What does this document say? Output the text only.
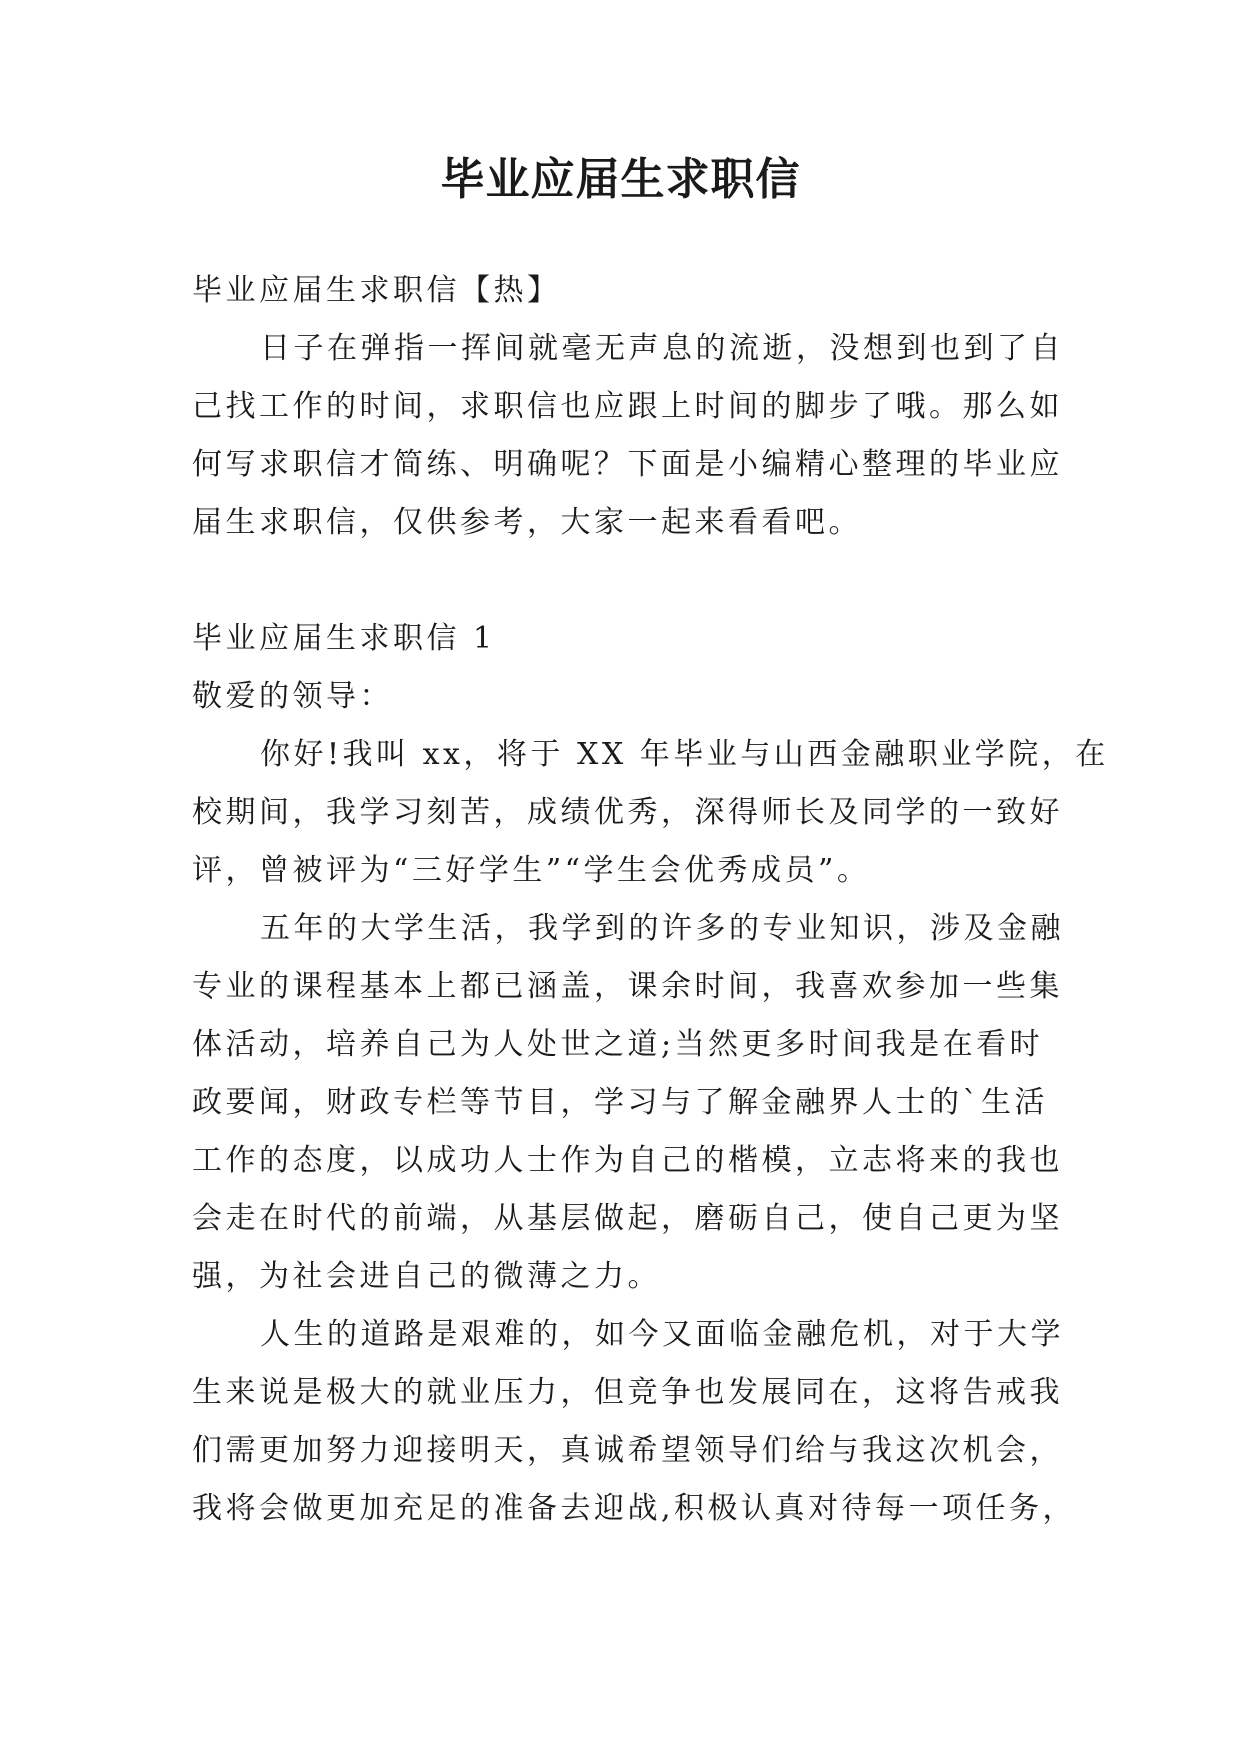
毕业应届生求职信
毕业应届生求职信【热】
日子在弹指一挥间就毫无声息的流逝，没想到也到了自
己找工作的时间，求职信也应跟上时间的脚步了哦。那么如
何写求职信才简练、明确呢？下面是小编精心整理的毕业应
届生求职信，仅供参考，大家一起来看看吧。
毕业应届生求职信 1
敬爱的领导：
你好!我叫 xx，将于 XX 年毕业与山西金融职业学院，在
校期间，我学习刻苦，成绩优秀，深得师长及同学的一致好
评，曾被评为“三好学生”“学生会优秀成员”。
五年的大学生活，我学到的许多的专业知识，涉及金融
专业的课程基本上都已涵盖，课余时间，我喜欢参加一些集
体活动，培养自己为人处世之道;当然更多时间我是在看时
政要闻，财政专栏等节目，学习与了解金融界人士的`生活
工作的态度，以成功人士作为自己的楷模，立志将来的我也
会走在时代的前端，从基层做起，磨砺自己，使自己更为坚
强，为社会进自己的微薄之力。
人生的道路是艰难的，如今又面临金融危机，对于大学
生来说是极大的就业压力，但竞争也发展同在，这将告戒我
们需更加努力迎接明天，真诚希望领导们给与我这次机会，
我将会做更加充足的准备去迎战,积极认真对待每一项任务，
